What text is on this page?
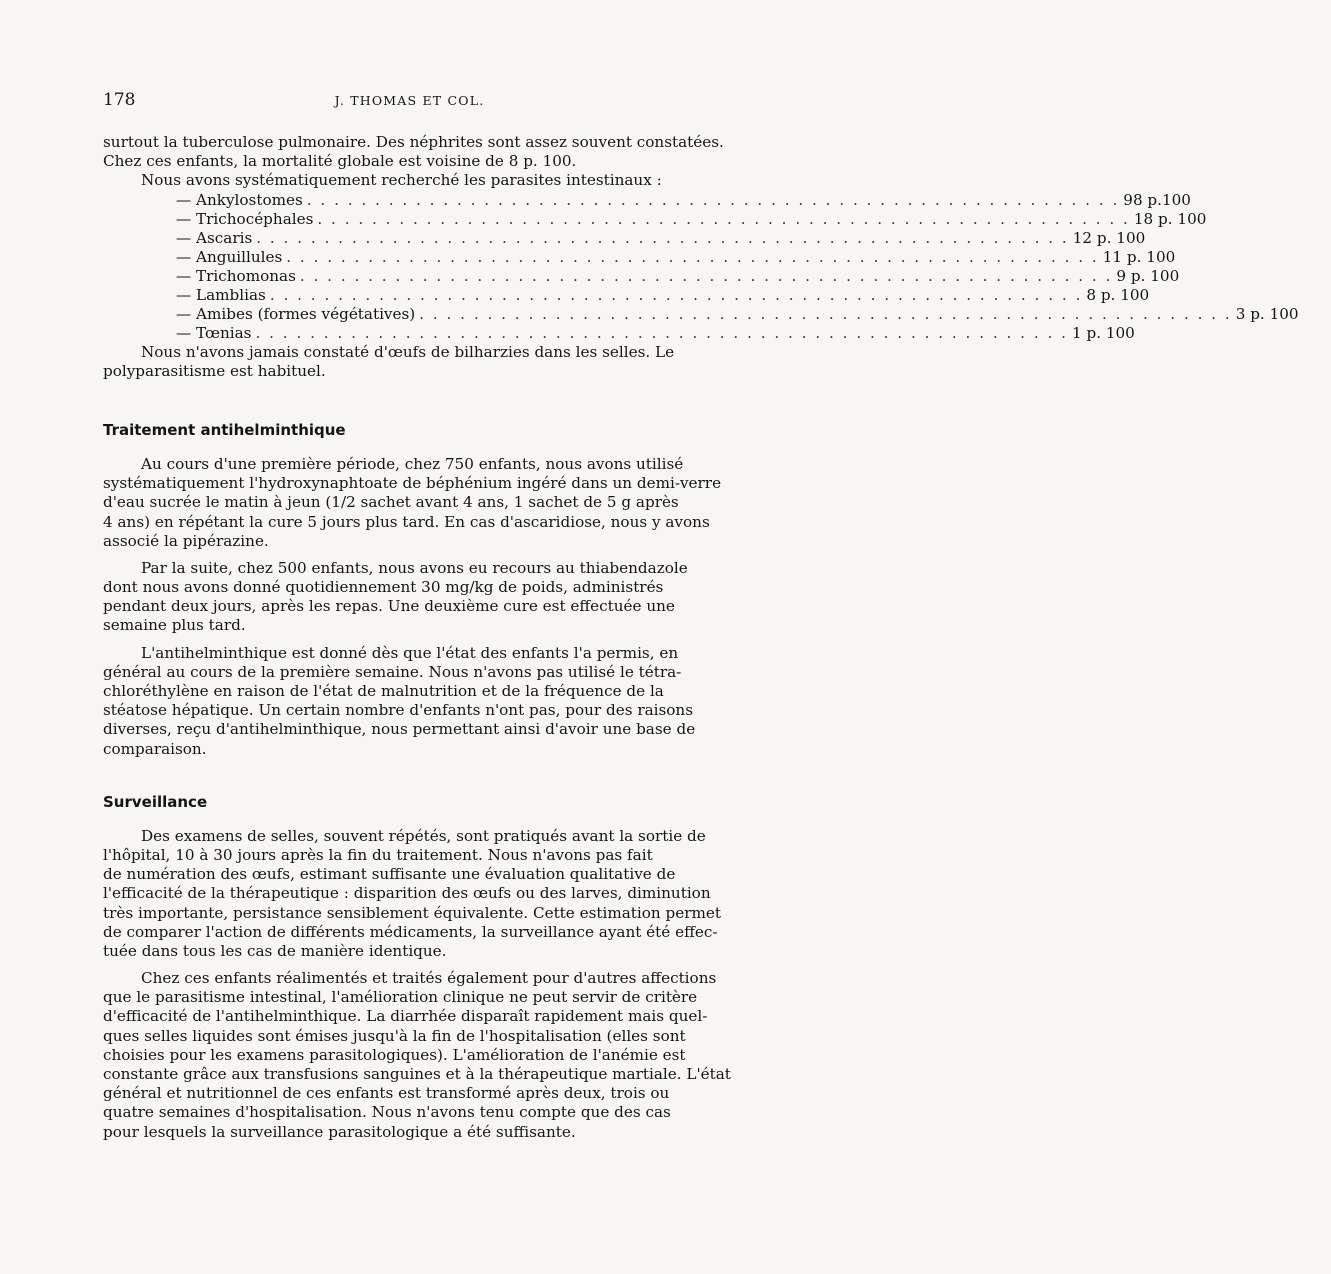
178	J. THOMAS ET COL.

surtout la tuberculose pulmonaire. Des néphrites sont assez souvent constatées.
Chez ces enfants, la mortalité globale est voisine de 8 p. 100.
Nous avons systématiquement recherché les parasites intestinaux :

— Ankylostomes . . . . . . . . . . . . . . . . . . . . . . . . . . . . . . . . . . . . . . . . . . . . . . . . . . . . . . . . . . . . 98 p.100
— Trichocéphales . . . . . . . . . . . . . . . . . . . . . . . . . . . . . . . . . . . . . . . . . . . . . . . . . . . . . . . . . . . . 18 p. 100
— Ascaris . . . . . . . . . . . . . . . . . . . . . . . . . . . . . . . . . . . . . . . . . . . . . . . . . . . . . . . . . . . . 12 p. 100
— Anguillules . . . . . . . . . . . . . . . . . . . . . . . . . . . . . . . . . . . . . . . . . . . . . . . . . . . . . . . . . . . . 11 p. 100
— Trichomonas . . . . . . . . . . . . . . . . . . . . . . . . . . . . . . . . . . . . . . . . . . . . . . . . . . . . . . . . . . . . 9 p. 100
— Lamblias . . . . . . . . . . . . . . . . . . . . . . . . . . . . . . . . . . . . . . . . . . . . . . . . . . . . . . . . . . . . 8 p. 100
— Amibes (formes végétatives) . . . . . . . . . . . . . . . . . . . . . . . . . . . . . . . . . . . . . . . . . . . . . . . . . . . . . . . . . . . . 3 p. 100
— Tœnias . . . . . . . . . . . . . . . . . . . . . . . . . . . . . . . . . . . . . . . . . . . . . . . . . . . . . . . . . . . . 1 p. 100

Nous n'avons jamais constaté d'œufs de bilharzies dans les selles. Le
polyparasitisme est habituel.

Traitement antihelminthique

Au cours d'une première période, chez 750 enfants, nous avons utilisé
systématiquement l'hydroxynaphtoate de béphénium ingéré dans un demi-verre
d'eau sucrée le matin à jeun (1/2 sachet avant 4 ans, 1 sachet de 5 g après
4 ans) en répétant la cure 5 jours plus tard. En cas d'ascaridiose, nous y avons
associé la pipérazine.

Par la suite, chez 500 enfants, nous avons eu recours au thiabendazole
dont nous avons donné quotidiennement 30 mg/kg de poids, administrés
pendant deux jours, après les repas. Une deuxième cure est effectuée une
semaine plus tard.

L'antihelminthique est donné dès que l'état des enfants l'a permis, en
général au cours de la première semaine. Nous n'avons pas utilisé le tétra-
chloréthylène en raison de l'état de malnutrition et de la fréquence de la
stéatose hépatique. Un certain nombre d'enfants n'ont pas, pour des raisons
diverses, reçu d'antihelminthique, nous permettant ainsi d'avoir une base de
comparaison.

Surveillance

Des examens de selles, souvent répétés, sont pratiqués avant la sortie de
l'hôpital, 10 à 30 jours après la fin du traitement. Nous n'avons pas fait
de numération des œufs, estimant suffisante une évaluation qualitative de
l'efficacité de la thérapeutique : disparition des œufs ou des larves, diminution
très importante, persistance sensiblement équivalente. Cette estimation permet
de comparer l'action de différents médicaments, la surveillance ayant été effec-
tuée dans tous les cas de manière identique.

Chez ces enfants réalimentés et traités également pour d'autres affections
que le parasitisme intestinal, l'amélioration clinique ne peut servir de critère
d'efficacité de l'antihelminthique. La diarrhée disparaît rapidement mais quel-
ques selles liquides sont émises jusqu'à la fin de l'hospitalisation (elles sont
choisies pour les examens parasitologiques). L'amélioration de l'anémie est
constante grâce aux transfusions sanguines et à la thérapeutique martiale. L'état
général et nutritionnel de ces enfants est transformé après deux, trois ou
quatre semaines d'hospitalisation. Nous n'avons tenu compte que des cas
pour lesquels la surveillance parasitologique a été suffisante.
